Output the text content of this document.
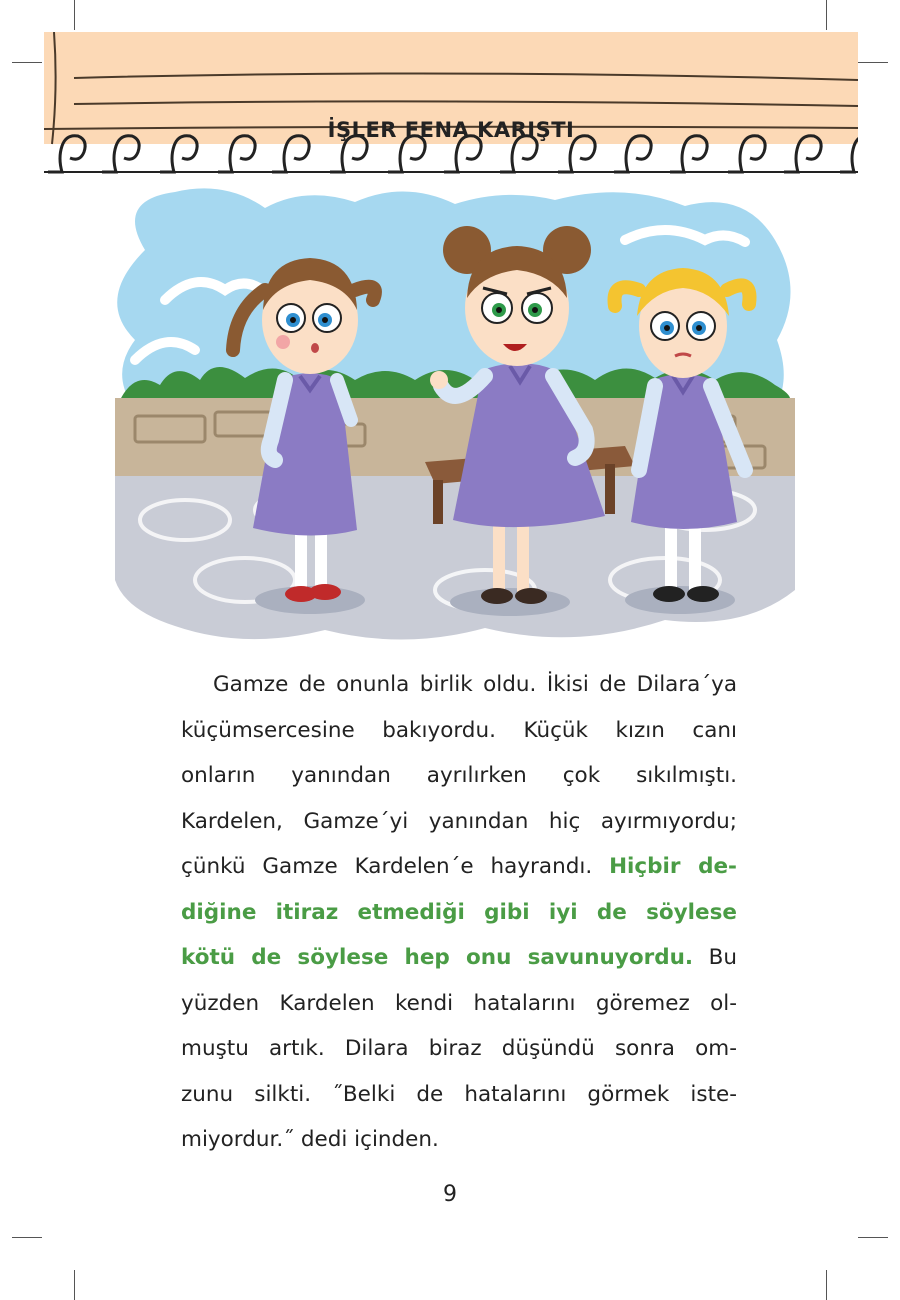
İŞLER FENA KARIŞTI
Gamze de onunla birlik oldu. İkisi de Dilara´ya
küçümsercesine bakıyordu. Küçük kızın canı
onların yanından ayrılırken çok sıkılmıştı.
Kardelen, Gamze´yi yanından hiç ayırmıyordu;
çünkü Gamze Kardelen´e hayrandı. Hiçbir de-
diğine itiraz etmediği gibi iyi de söylese
kötü de söylese hep onu savunuyordu. Bu
yüzden Kardelen kendi hatalarını göremez ol-
muştu artık. Dilara biraz düşündü sonra om-
zunu silkti. ˝Belki de hatalarını görmek iste-
miyordur.˝ dedi içinden.
9
